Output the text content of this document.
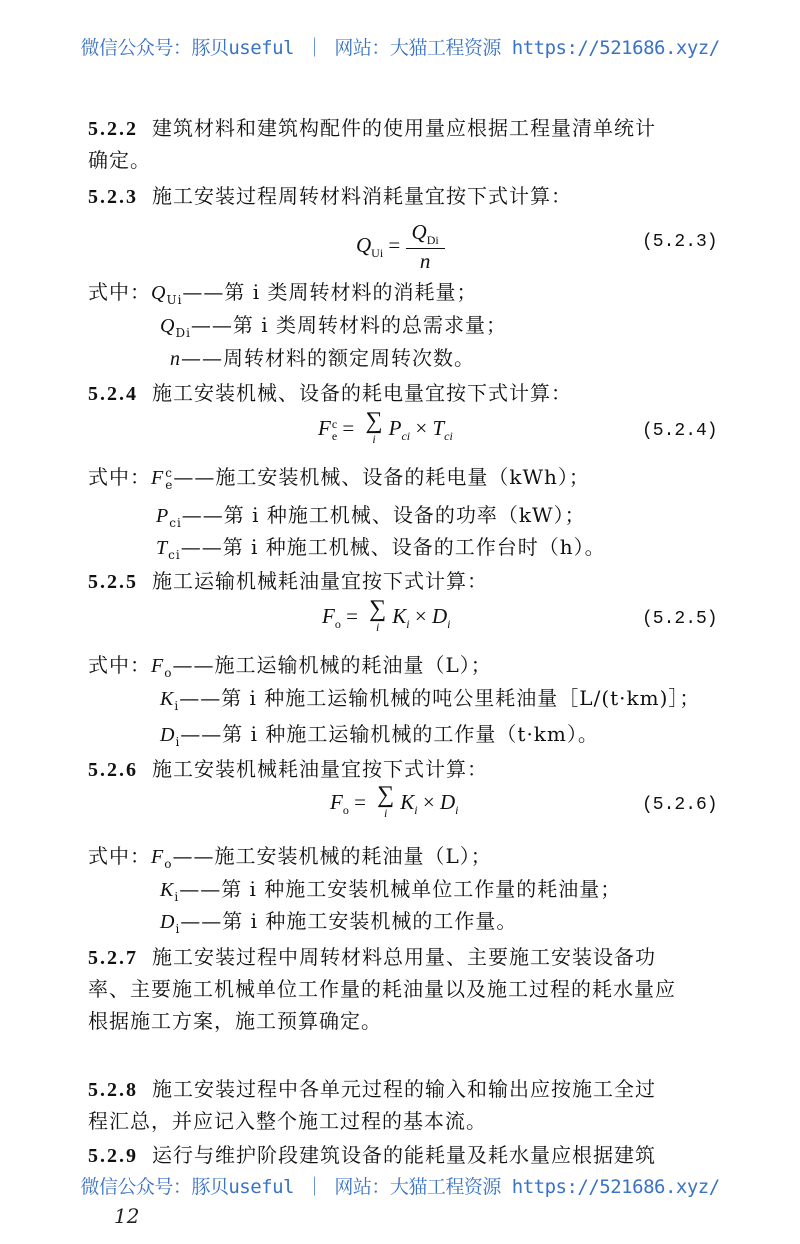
微信公众号：豚贝useful ｜ 网站：大猫工程资源 https://521686.xyz/
5.2.2 建筑材料和建筑构配件的使用量应根据工程量清单统计
确定。
5.2.3 施工安装过程周转材料消耗量宜按下式计算：
$Q_{Ui} = \frac{Q_{Di}}{n}$	(5.2.3)
式中：$Q_{Ui}——$第 i 类周转材料的消耗量；
$Q_{Di}——$第 i 类周转材料的总需求量；
n——周转材料的额定周转次数。
5.2.4 施工安装机械、设备的耗电量宜按下式计算：
F c
e = ∑
i $P_{ci} \times T_{ci}$	(5.2.4)
式中：F c
e ——施工安装机械、设备的耗电量（kWh）；
$P_{ci}——$第 i 种施工机械、设备的功率（kW）；
$T_{ci}——$第 i 种施工机械、设备的工作台时（h）。
5.2.5 施工运输机械耗油量宜按下式计算：
$F_o$ = ∑
i $K_i \times D_i$	(5.2.5)
式中：$F_o——$施工运输机械的耗油量（L）；
$K_i——$第 i 种施工运输机械的吨公里耗油量［L/(t·km)］；
$D_i——$第 i 种施工运输机械的工作量（t·km）。
5.2.6 施工安装机械耗油量宜按下式计算：
$F_o$ = ∑
i $K_i \times D_i$	(5.2.6)
式中：$F_o——$施工安装机械的耗油量（L）；
$K_i——$第 i 种施工安装机械单位工作量的耗油量；
$D_i——$第 i 种施工安装机械的工作量。
5.2.7 施工安装过程中周转材料总用量、主要施工安装设备功
率、主要施工机械单位工作量的耗油量以及施工过程的耗水量应
根据施工方案，施工预算确定。
5.2.8 施工安装过程中各单元过程的输入和输出应按施工全过
程汇总，并应记入整个施工过程的基本流。
5.2.9 运行与维护阶段建筑设备的能耗量及耗水量应根据建筑
微信公众号：豚贝useful ｜ 网站：大猫工程资源 https://521686.xyz/
12
